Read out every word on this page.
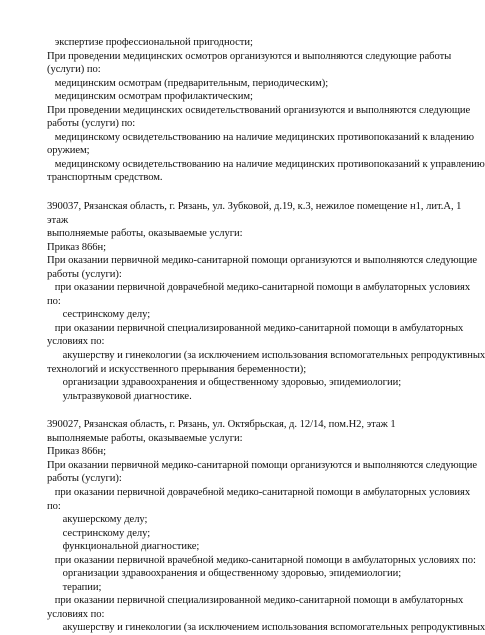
экспертизе профессиональной пригодности;
При проведении медицинских осмотров организуются и выполняются следующие работы
(услуги) по:
медицинским осмотрам (предварительным, периодическим);
медицинским осмотрам профилактическим;
При проведении медицинских освидетельствований организуются и выполняются следующие
работы (услуги) по:
медицинскому освидетельствованию на наличие медицинских противопоказаний к владению
оружием;
медицинскому освидетельствованию на наличие медицинских противопоказаний к управлению
транспортным средством.
390037, Рязанская область, г. Рязань, ул. Зубковой, д.19, к.3, нежилое помещение н1, лит.А, 1
этаж
выполняемые работы, оказываемые услуги:
Приказ 866н;
При оказании первичной медико-санитарной помощи организуются и выполняются следующие
работы (услуги):
при оказании первичной доврачебной медико-санитарной помощи в амбулаторных условиях
по:
сестринскому делу;
при оказании первичной специализированной медико-санитарной помощи в амбулаторных
условиях по:
акушерству и гинекологии (за исключением использования вспомогательных репродуктивных
технологий и искусственного прерывания беременности);
организации здравоохранения и общественному здоровью, эпидемиологии;
ультразвуковой диагностике.
390027, Рязанская область, г. Рязань, ул. Октябрьская, д. 12/14, пом.Н2, этаж 1
выполняемые работы, оказываемые услуги:
Приказ 866н;
При оказании первичной медико-санитарной помощи организуются и выполняются следующие
работы (услуги):
при оказании первичной доврачебной медико-санитарной помощи в амбулаторных условиях
по:
акушерскому делу;
сестринскому делу;
функциональной диагностике;
при оказании первичной врачебной медико-санитарной помощи в амбулаторных условиях по:
организации здравоохранения и общественному здоровью, эпидемиологии;
терапии;
при оказании первичной специализированной медико-санитарной помощи в амбулаторных
условиях по:
акушерству и гинекологии (за исключением использования вспомогательных репродуктивных
